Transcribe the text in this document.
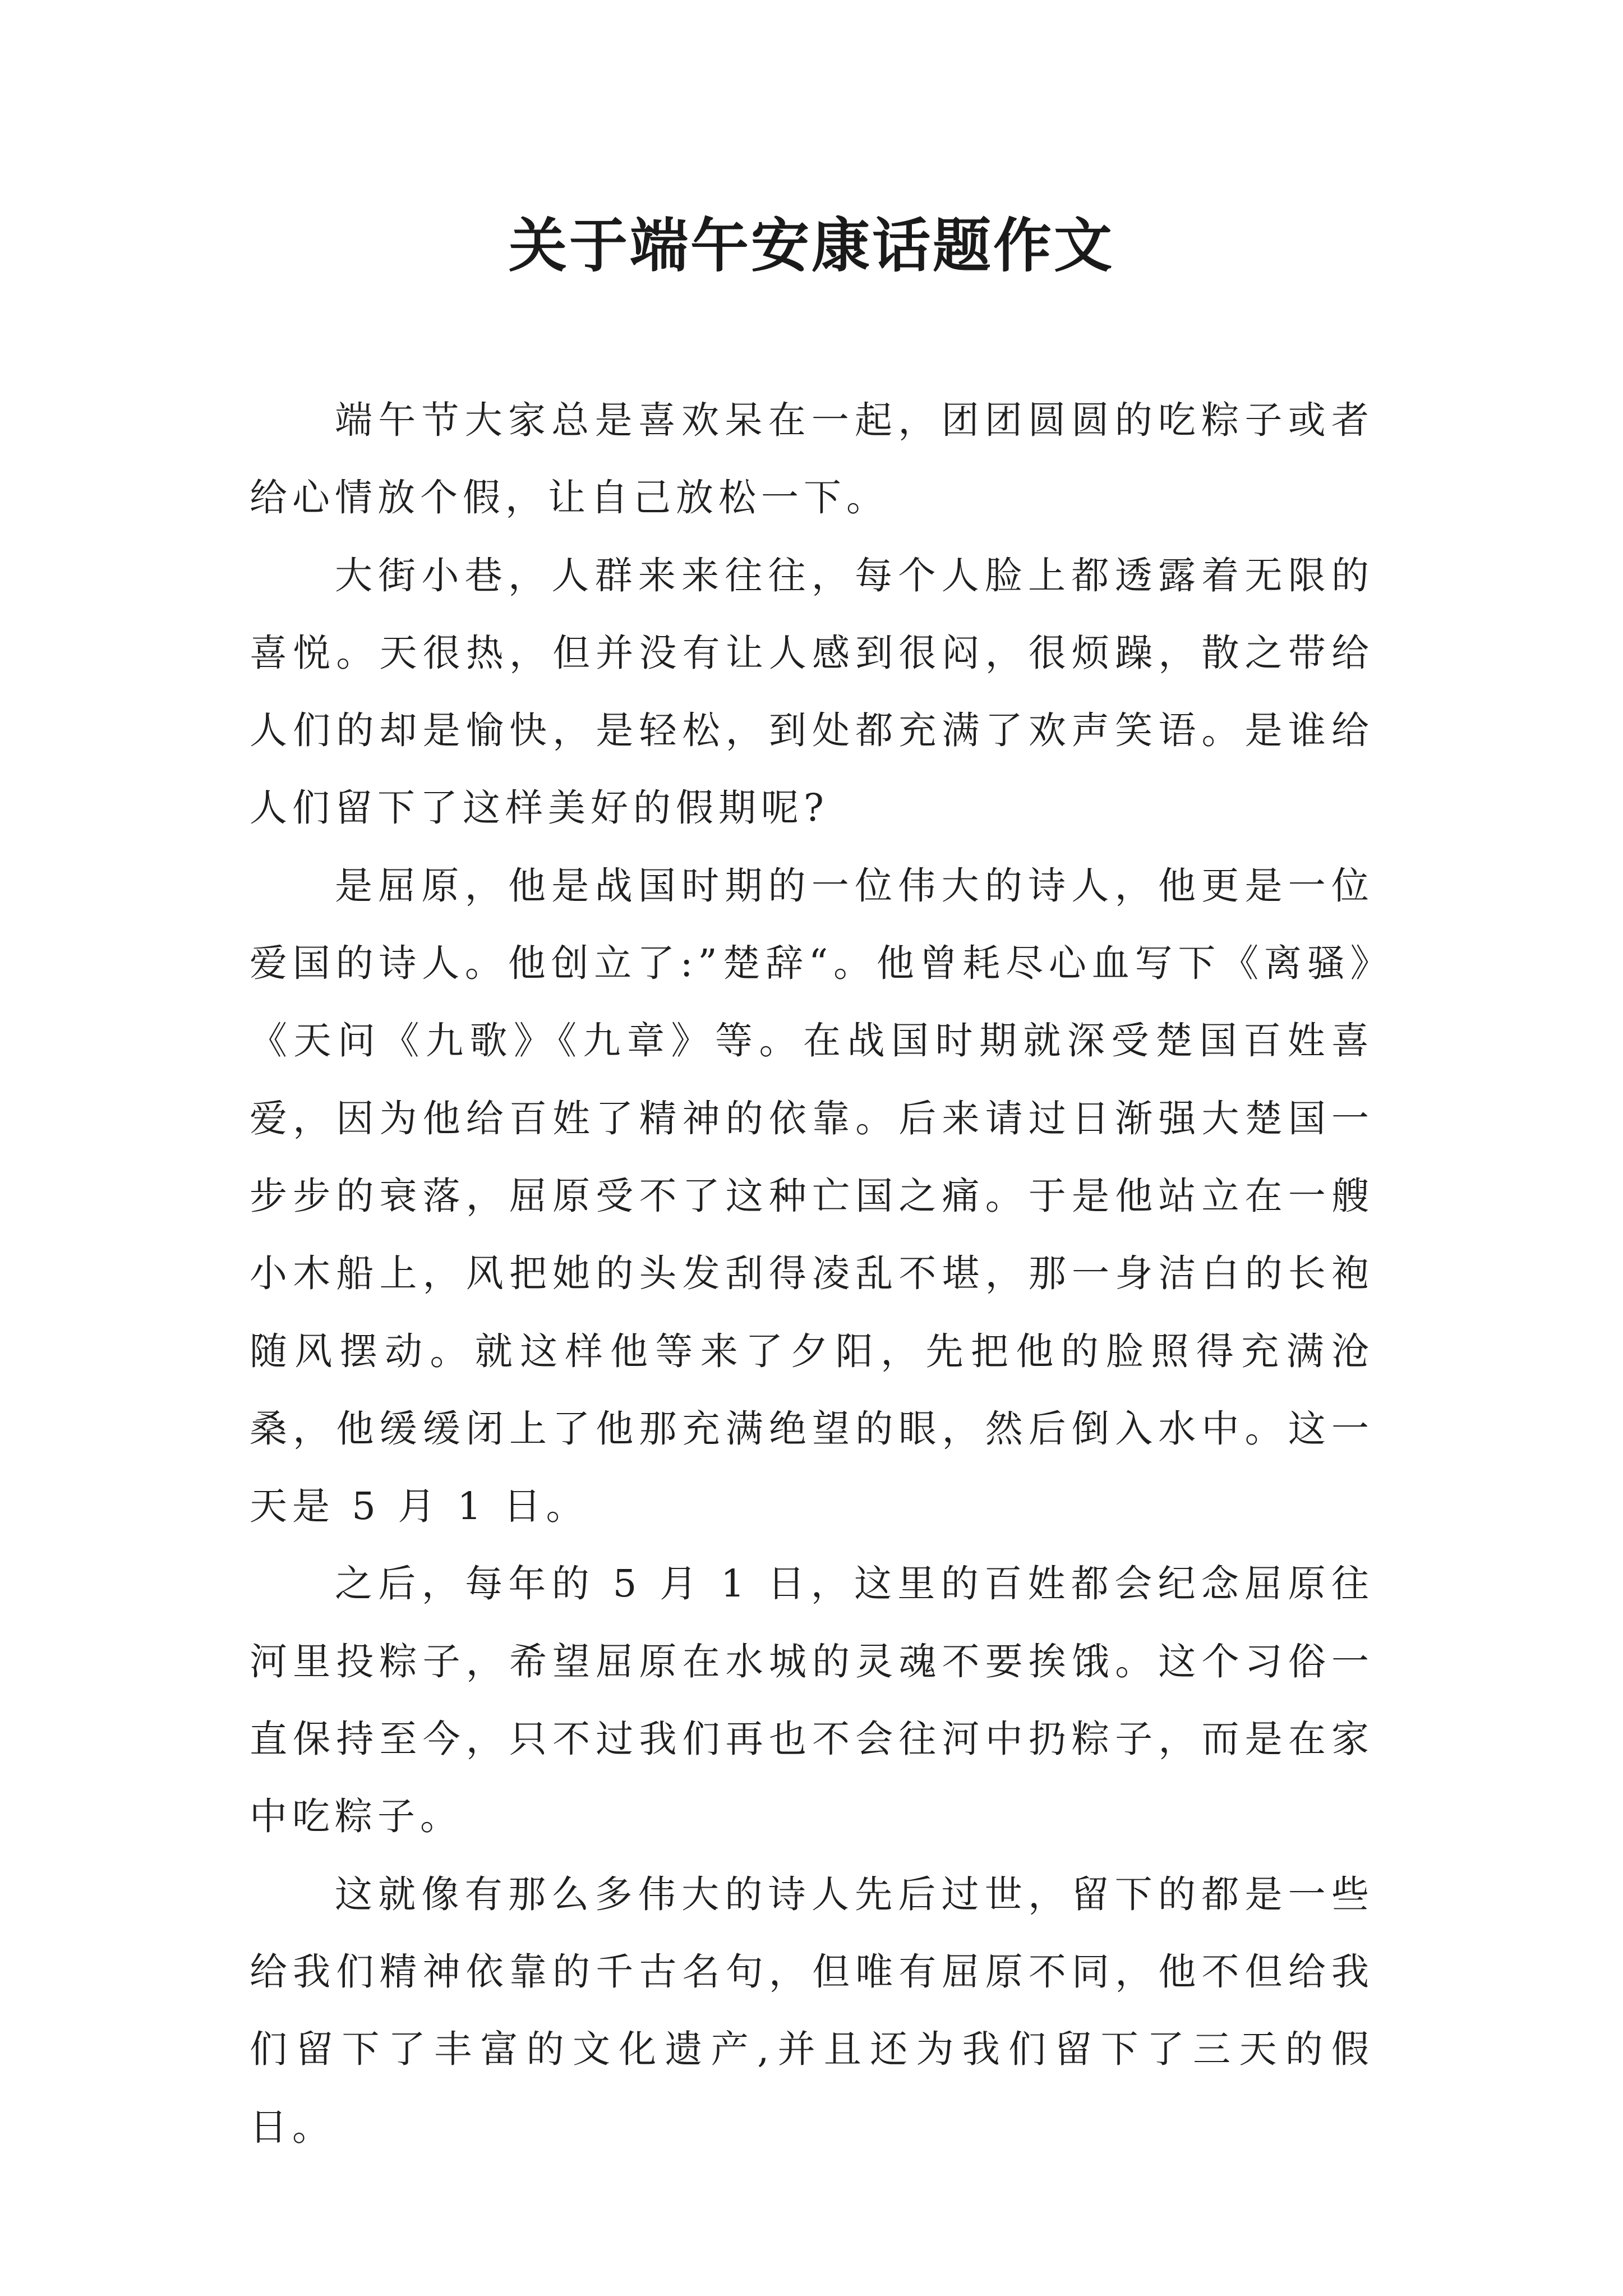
关于端午安康话题作文

端午节大家总是喜欢呆在一起，团团圆圆的吃粽子或者给心情放个假，让自己放松一下。

大街小巷，人群来来往往，每个人脸上都透露着无限的喜悦。天很热，但并没有让人感到很闷，很烦躁，散之带给人们的却是愉快，是轻松，到处都充满了欢声笑语。是谁给人们留下了这样美好的假期呢?

是屈原，他是战国时期的一位伟大的诗人，他更是一位爱国的诗人。他创立了:”楚辞“。他曾耗尽心血写下《离骚》《天问《九歌》《九章》等。在战国时期就深受楚国百姓喜爱，因为他给百姓了精神的依靠。后来请过日渐强大楚国一步步的衰落，屈原受不了这种亡国之痛。于是他站立在一艘小木船上，风把她的头发刮得凌乱不堪，那一身洁白的长袍随风摆动。就这样他等来了夕阳，先把他的脸照得充满沧桑，他缓缓闭上了他那充满绝望的眼，然后倒入水中。这一天是 5 月 1 日。

之后，每年的 5 月 1 日，这里的百姓都会纪念屈原往河里投粽子，希望屈原在水城的灵魂不要挨饿。这个习俗一直保持至今，只不过我们再也不会往河中扔粽子，而是在家中吃粽子。

这就像有那么多伟大的诗人先后过世，留下的都是一些给我们精神依靠的千古名句，但唯有屈原不同，他不但给我们留下了丰富的文化遗产,并且还为我们留下了三天的假日。
